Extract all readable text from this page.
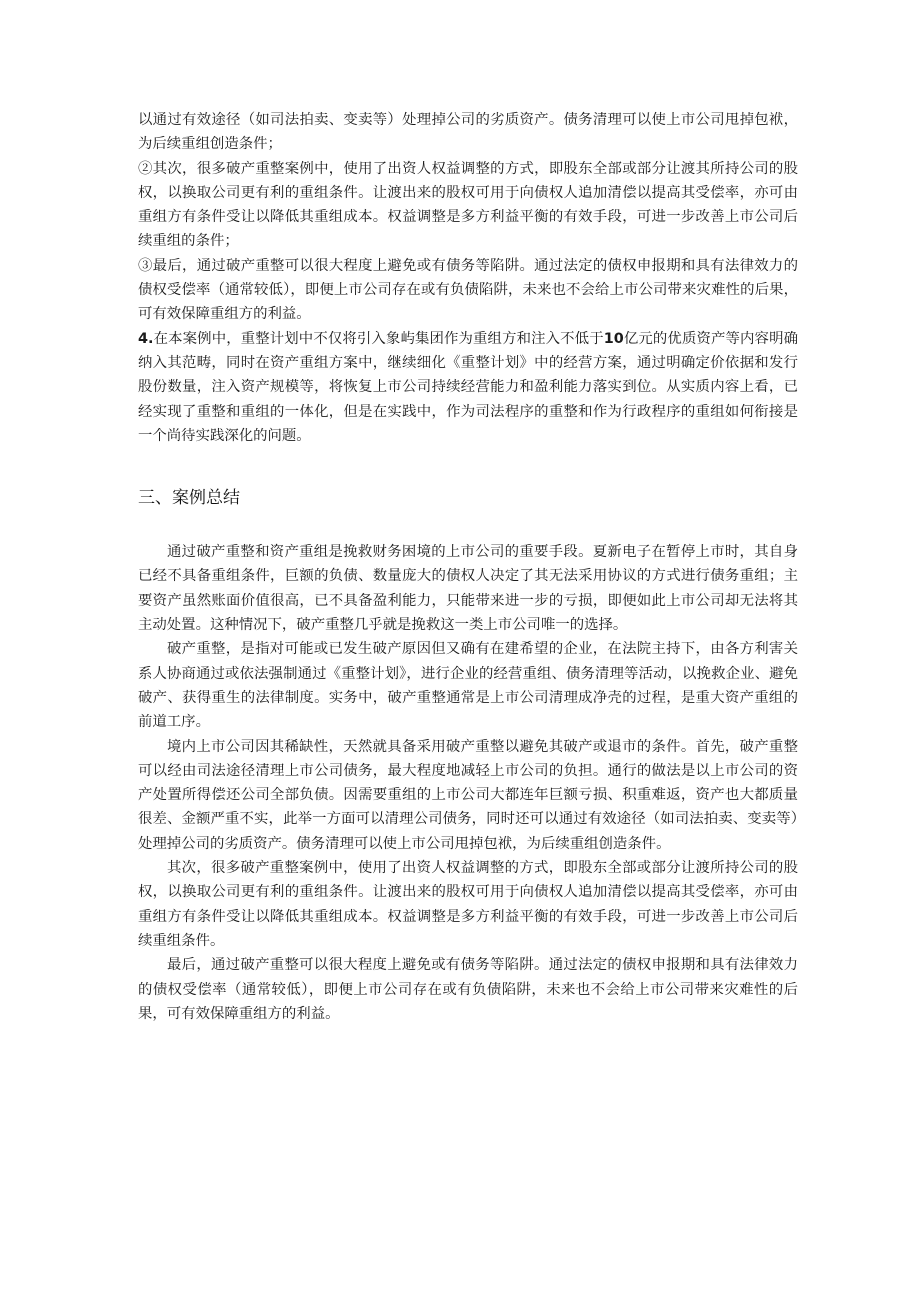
以通过有效途径（如司法拍卖、变卖等）处理掉公司的劣质资产。债务清理可以使上市公司甩掉包袱，为后续重组创造条件；

②其次，很多破产重整案例中，使用了出资人权益调整的方式，即股东全部或部分让渡其所持公司的股权，以换取公司更有利的重组条件。让渡出来的股权可用于向债权人追加清偿以提高其受偿率，亦可由重组方有条件受让以降低其重组成本。权益调整是多方利益平衡的有效手段，可进一步改善上市公司后续重组的条件；

③最后，通过破产重整可以很大程度上避免或有债务等陷阱。通过法定的债权申报期和具有法律效力的债权受偿率（通常较低），即便上市公司存在或有负债陷阱，未来也不会给上市公司带来灾难性的后果，可有效保障重组方的利益。

4.在本案例中，重整计划中不仅将引入象屿集团作为重组方和注入不低于10亿元的优质资产等内容明确纳入其范畴，同时在资产重组方案中，继续细化《重整计划》中的经营方案，通过明确定价依据和发行股份数量，注入资产规模等，将恢复上市公司持续经营能力和盈利能力落实到位。从实质内容上看，已经实现了重整和重组的一体化，但是在实践中，作为司法程序的重整和作为行政程序的重组如何衔接是一个尚待实践深化的问题。

三、案例总结

通过破产重整和资产重组是挽救财务困境的上市公司的重要手段。夏新电子在暂停上市时，其自身已经不具备重组条件，巨额的负债、数量庞大的债权人决定了其无法采用协议的方式进行债务重组；主要资产虽然账面价值很高，已不具备盈利能力，只能带来进一步的亏损，即便如此上市公司却无法将其主动处置。这种情况下，破产重整几乎就是挽救这一类上市公司唯一的选择。

破产重整，是指对可能或已发生破产原因但又确有在建希望的企业，在法院主持下，由各方利害关系人协商通过或依法强制通过《重整计划》，进行企业的经营重组、债务清理等活动，以挽救企业、避免破产、获得重生的法律制度。实务中，破产重整通常是上市公司清理成净壳的过程，是重大资产重组的前道工序。

境内上市公司因其稀缺性，天然就具备采用破产重整以避免其破产或退市的条件。首先，破产重整可以经由司法途径清理上市公司债务，最大程度地减轻上市公司的负担。通行的做法是以上市公司的资产处置所得偿还公司全部负债。因需要重组的上市公司大都连年巨额亏损、积重难返，资产也大都质量很差、金额严重不实，此举一方面可以清理公司债务，同时还可以通过有效途径（如司法拍卖、变卖等）处理掉公司的劣质资产。债务清理可以使上市公司甩掉包袱，为后续重组创造条件。

其次，很多破产重整案例中，使用了出资人权益调整的方式，即股东全部或部分让渡所持公司的股权，以换取公司更有利的重组条件。让渡出来的股权可用于向债权人追加清偿以提高其受偿率，亦可由重组方有条件受让以降低其重组成本。权益调整是多方利益平衡的有效手段，可进一步改善上市公司后续重组条件。

最后，通过破产重整可以很大程度上避免或有债务等陷阱。通过法定的债权申报期和具有法律效力的债权受偿率（通常较低），即便上市公司存在或有负债陷阱，未来也不会给上市公司带来灾难性的后果，可有效保障重组方的利益。
